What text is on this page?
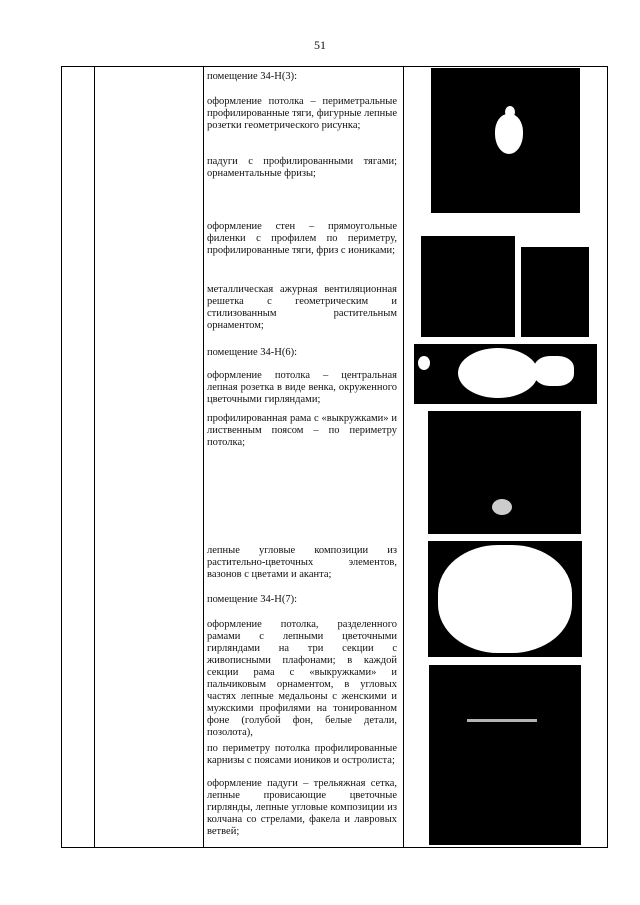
51
помещение 34-Н(3):
оформление потолка – периметральные профилированные тяги, фигурные лепные розетки геометрического рисунка;
падуги с профилированными тягами; орнаментальные фризы;
оформление стен – прямоугольные филенки с профилем по периметру, профилированные тяги, фриз с иониками;
металлическая ажурная вентиляционная решетка с геометрическим и стилизованным растительным орнаментом;
помещение 34-Н(6):
оформление потолка – центральная лепная розетка в виде венка, окруженного цветочными гирляндами;
профилированная рама с «выкружками» и лиственным поясом – по периметру потолка;
лепные угловые композиции из растительно-цветочных элементов, вазонов с цветами и аканта;
помещение 34-Н(7):
оформление потолка, разделенного рамами с лепными цветочными гирляндами на три секции с живописными плафонами; в каждой секции рама с «выкружками» и пальчиковым орнаментом, в угловых частях лепные медальоны с женскими и мужскими профилями на тонированном фоне (голубой фон, белые детали, позолота),
по периметру потолка профилированные карнизы с поясами иоников и остролиста;
оформление падуги – трельяжная сетка, лепные провисающие цветочные гирлянды, лепные угловые композиции из колчана со стрелами, факела и лавровых ветвей;
